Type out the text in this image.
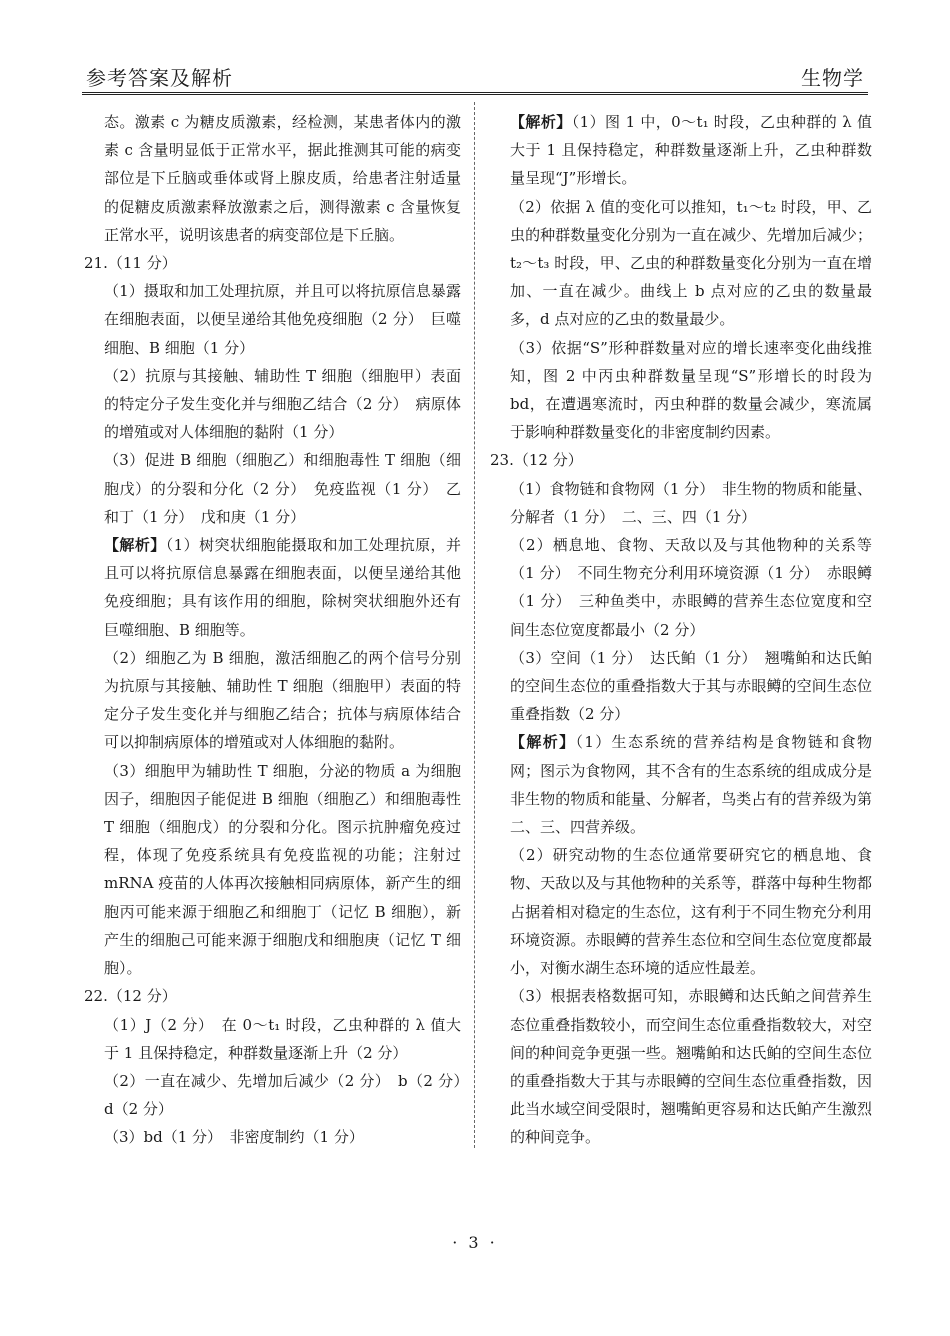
参考答案及解析	生物学

态。激素 c 为糖皮质激素，经检测，某患者体内的激素 c 含量明显低于正常水平，据此推测其可能的病变部位是下丘脑或垂体或肾上腺皮质，给患者注射适量的促糖皮质激素释放激素之后，测得激素 c 含量恢复正常水平，说明该患者的病变部位是下丘脑。

21.（11 分）

（1）摄取和加工处理抗原，并且可以将抗原信息暴露在细胞表面，以便呈递给其他免疫细胞（2 分）　巨噬细胞、B 细胞（1 分）

（2）抗原与其接触、辅助性 T 细胞（细胞甲）表面的特定分子发生变化并与细胞乙结合（2 分）　病原体的增殖或对人体细胞的黏附（1 分）

（3）促进 B 细胞（细胞乙）和细胞毒性 T 细胞（细胞戊）的分裂和分化（2 分）　免疫监视（1 分）　乙和丁（1 分）　戊和庚（1 分）

【解析】（1）树突状细胞能摄取和加工处理抗原，并且可以将抗原信息暴露在细胞表面，以便呈递给其他免疫细胞；具有该作用的细胞，除树突状细胞外还有巨噬细胞、B 细胞等。

（2）细胞乙为 B 细胞，激活细胞乙的两个信号分别为抗原与其接触、辅助性 T 细胞（细胞甲）表面的特定分子发生变化并与细胞乙结合；抗体与病原体结合可以抑制病原体的增殖或对人体细胞的黏附。

（3）细胞甲为辅助性 T 细胞，分泌的物质 a 为细胞因子，细胞因子能促进 B 细胞（细胞乙）和细胞毒性 T 细胞（细胞戊）的分裂和分化。图示抗肿瘤免疫过程，体现了免疫系统具有免疫监视的功能；注射过 mRNA 疫苗的人体再次接触相同病原体，新产生的细胞丙可能来源于细胞乙和细胞丁（记忆 B 细胞），新产生的细胞己可能来源于细胞戊和细胞庚（记忆 T 细胞）。

22.（12 分）

（1）J（2 分）　在 0～t₁ 时段，乙虫种群的 λ 值大于 1 且保持稳定，种群数量逐渐上升（2 分）

（2）一直在减少、先增加后减少（2 分）　b（2 分）　d（2 分）

（3）bd（1 分）　非密度制约（1 分）

【解析】（1）图 1 中，0～t₁ 时段，乙虫种群的 λ 值大于 1 且保持稳定，种群数量逐渐上升，乙虫种群数量呈现“J”形增长。

（2）依据 λ 值的变化可以推知，t₁～t₂ 时段，甲、乙虫的种群数量变化分别为一直在减少、先增加后减少；t₂～t₃ 时段，甲、乙虫的种群数量变化分别为一直在增加、一直在减少。曲线上 b 点对应的乙虫的数量最多，d 点对应的乙虫的数量最少。

（3）依据“S”形种群数量对应的增长速率变化曲线推知，图 2 中丙虫种群数量呈现“S”形增长的时段为 bd，在遭遇寒流时，丙虫种群的数量会减少，寒流属于影响种群数量变化的非密度制约因素。

23.（12 分）

（1）食物链和食物网（1 分）　非生物的物质和能量、分解者（1 分）　二、三、四（1 分）

（2）栖息地、食物、天敌以及与其他物种的关系等（1 分）　不同生物充分利用环境资源（1 分）　赤眼鳟（1 分）　三种鱼类中，赤眼鳟的营养生态位宽度和空间生态位宽度都最小（2 分）

（3）空间（1 分）　达氏鲌（1 分）　翘嘴鲌和达氏鲌的空间生态位的重叠指数大于其与赤眼鳟的空间生态位重叠指数（2 分）

【解析】（1）生态系统的营养结构是食物链和食物网；图示为食物网，其不含有的生态系统的组成成分是非生物的物质和能量、分解者，鸟类占有的营养级为第二、三、四营养级。

（2）研究动物的生态位通常要研究它的栖息地、食物、天敌以及与其他物种的关系等，群落中每种生物都占据着相对稳定的生态位，这有利于不同生物充分利用环境资源。赤眼鳟的营养生态位和空间生态位宽度都最小，对衡水湖生态环境的适应性最差。

（3）根据表格数据可知，赤眼鳟和达氏鲌之间营养生态位重叠指数较小，而空间生态位重叠指数较大，对空间的种间竞争更强一些。翘嘴鲌和达氏鲌的空间生态位的重叠指数大于其与赤眼鳟的空间生态位重叠指数，因此当水域空间受限时，翘嘴鲌更容易和达氏鲌产生激烈的种间竞争。

· 3 ·
